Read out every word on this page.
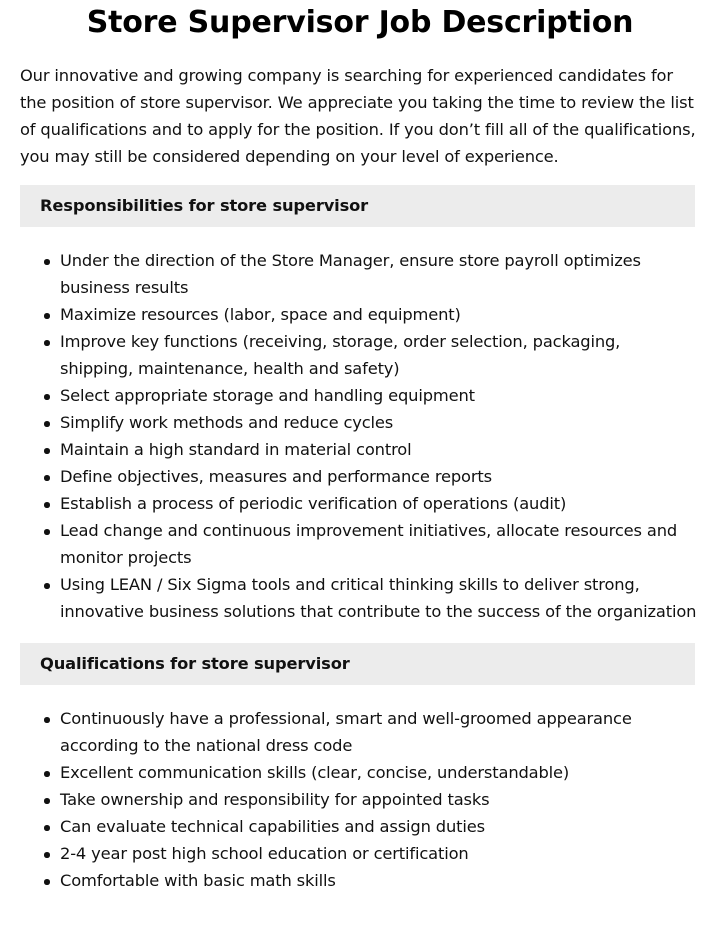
Store Supervisor Job Description

Our innovative and growing company is searching for experienced candidates for the position of store supervisor. We appreciate you taking the time to review the list of qualifications and to apply for the position. If you don’t fill all of the qualifications, you may still be considered depending on your level of experience.

Responsibilities for store supervisor
Under the direction of the Store Manager, ensure store payroll optimizes business results
Maximize resources (labor, space and equipment)
Improve key functions (receiving, storage, order selection, packaging, shipping, maintenance, health and safety)
Select appropriate storage and handling equipment
Simplify work methods and reduce cycles
Maintain a high standard in material control
Define objectives, measures and performance reports
Establish a process of periodic verification of operations (audit)
Lead change and continuous improvement initiatives, allocate resources and monitor projects
Using LEAN / Six Sigma tools and critical thinking skills to deliver strong, innovative business solutions that contribute to the success of the organization
Qualifications for store supervisor
Continuously have a professional, smart and well-groomed appearance according to the national dress code
Excellent communication skills (clear, concise, understandable)
Take ownership and responsibility for appointed tasks
Can evaluate technical capabilities and assign duties
2-4 year post high school education or certification
Comfortable with basic math skills
